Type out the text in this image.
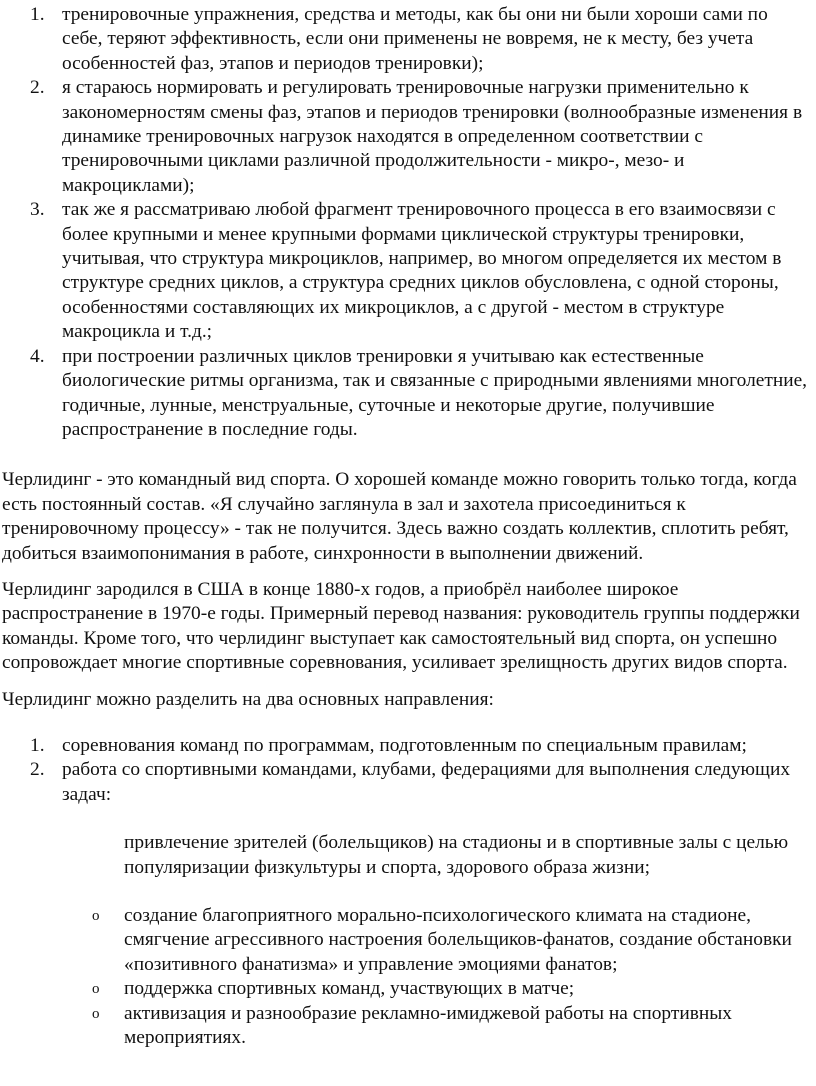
1. тренировочные упражнения, средства и методы, как бы они ни были хороши сами по себе, теряют эффективность, если они применены не вовремя, не к месту, без учета особенностей фаз, этапов и периодов тренировки);
2. я стараюсь нормировать и регулировать тренировочные нагрузки применительно к закономерностям смены фаз, этапов и периодов тренировки (волнообразные изменения в динамике тренировочных нагрузок находятся в определенном соответствии с тренировочными циклами различной продолжительности - микро-, мезо- и макроциклами);
3. так же я рассматриваю любой фрагмент тренировочного процесса в его взаимосвязи с более крупными и менее крупными формами циклической структуры тренировки, учитывая, что структура микроциклов, например, во многом определяется их местом в структуре средних циклов, а структура средних циклов обусловлена, с одной стороны, особенностями составляющих их микроциклов, а с другой - местом в структуре макроцикла и т.д.;
4. при построении различных циклов тренировки я учитываю как естественные биологические ритмы организма, так и связанные с природными явлениями многолетние, годичные, лунные, менструальные, суточные и некоторые другие, получившие распространение в последние годы.

Черлидинг - это командный вид спорта. О хорошей команде можно говорить только тогда, когда есть постоянный состав. «Я случайно заглянула в зал и захотела присоединиться к тренировочному процессу» - так не получится. Здесь важно создать коллектив, сплотить ребят, добиться взаимопонимания в работе, синхронности в выполнении движений.

Черлидинг зародился в США в конце 1880-х годов, а приобрёл наиболее широкое распространение в 1970-е годы. Примерный перевод названия: руководитель группы поддержки команды. Кроме того, что черлидинг выступает как самостоятельный вид спорта, он успешно сопровождает многие спортивные соревнования, усиливает зрелищность других видов спорта.

Черлидинг можно разделить на два основных направления:

1. соревнования команд по программам, подготовленным по специальным правилам;
2. работа со спортивными командами, клубами, федерациями для выполнения следующих задач:

привлечение зрителей (болельщиков) на стадионы и в спортивные залы с целью популяризации физкультуры и спорта, здорового образа жизни;

o создание благоприятного морально-психологического климата на стадионе, смягчение агрессивного настроения болельщиков-фанатов, создание обстановки «позитивного фанатизма» и управление эмоциями фанатов;
o поддержка спортивных команд, участвующих в матче;
o активизация и разнообразие рекламно-имиджевой работы на спортивных мероприятиях.
